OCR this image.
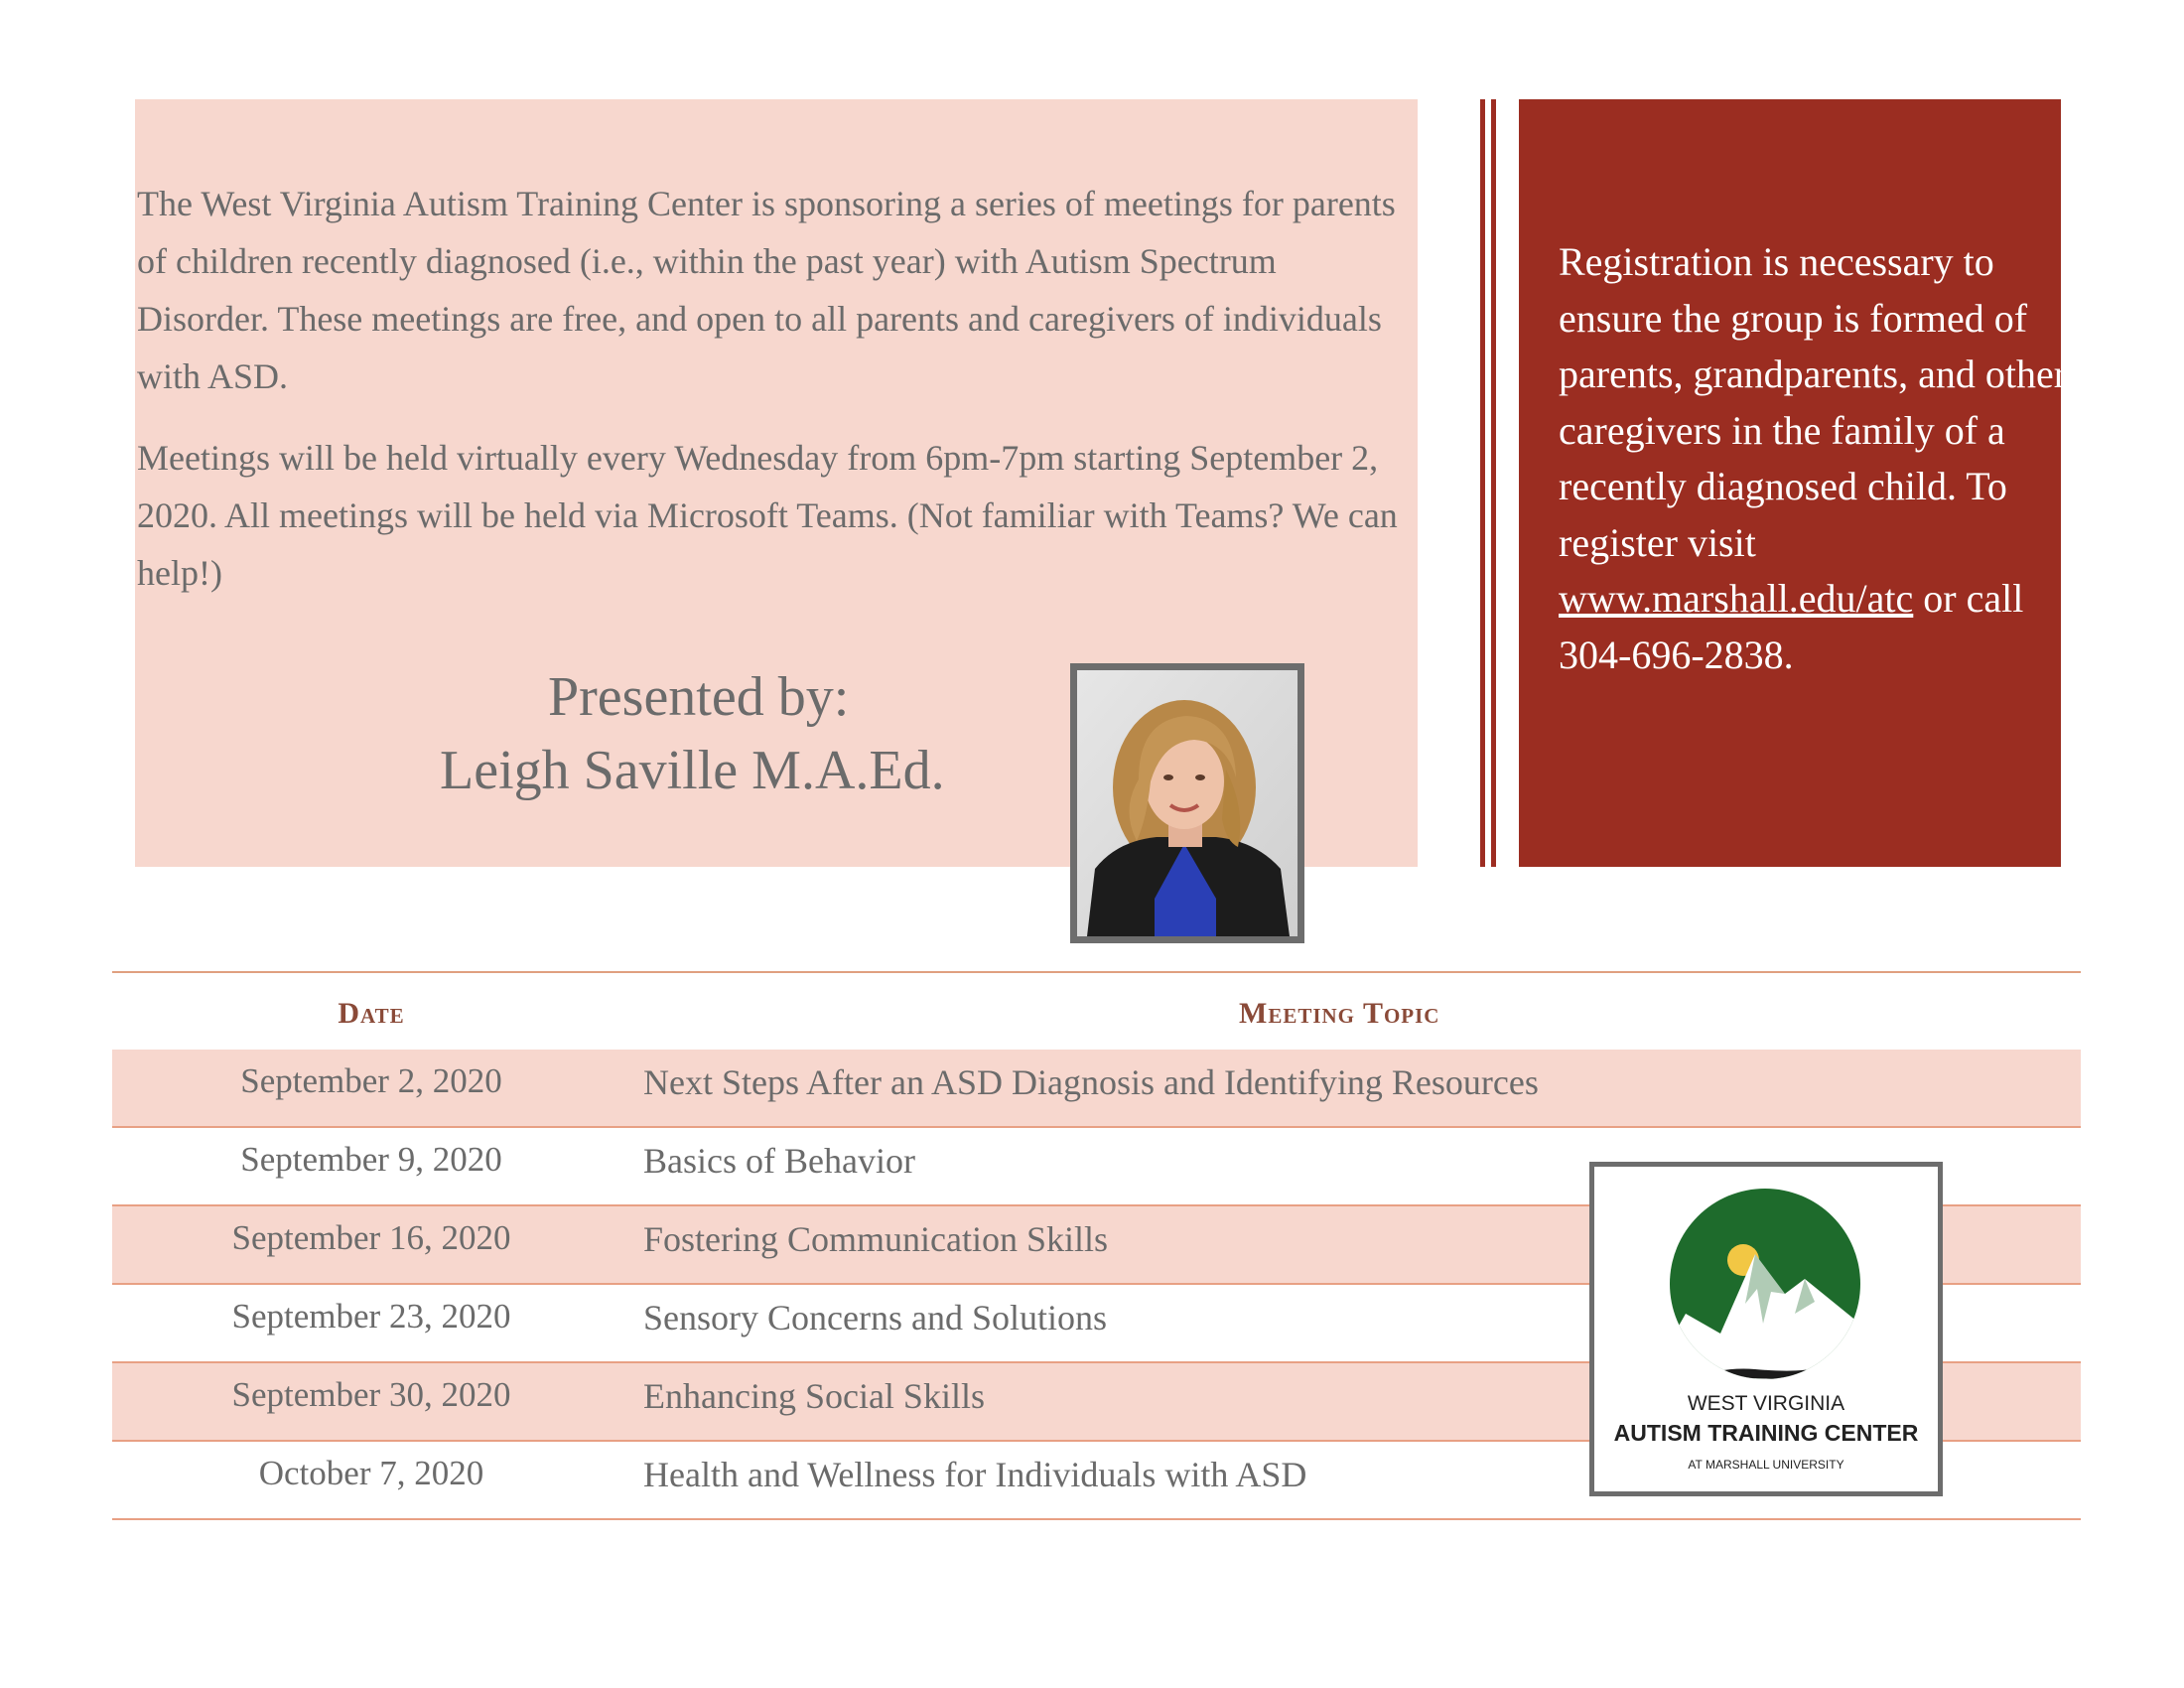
The West Virginia Autism Training Center is sponsoring a series of meetings for parents of children recently diagnosed (i.e., within the past year) with Autism Spectrum Disorder. These meetings are free, and open to all parents and caregivers of individuals with ASD.

Meetings will be held virtually every Wednesday from 6pm-7pm starting September 2, 2020. All meetings will be held via Microsoft Teams. (Not familiar with Teams? We can help!)

Presented by:
Leigh Saville M.A.Ed.

Registration is necessary to ensure the group is formed of parents, grandparents, and other caregivers in the family of a recently diagnosed child. To register visit www.marshall.edu/atc or call 304-696-2838.

Date	Meeting Topic
September 2, 2020	Next Steps After an ASD Diagnosis and Identifying Resources
September 9, 2020	Basics of Behavior
September 16, 2020	Fostering Communication Skills
September 23, 2020	Sensory Concerns and Solutions
September 30, 2020	Enhancing Social Skills
October 7, 2020	Health and Wellness for Individuals with ASD
WEST VIRGINIA
AUTISM TRAINING CENTER
AT MARSHALL UNIVERSITY
